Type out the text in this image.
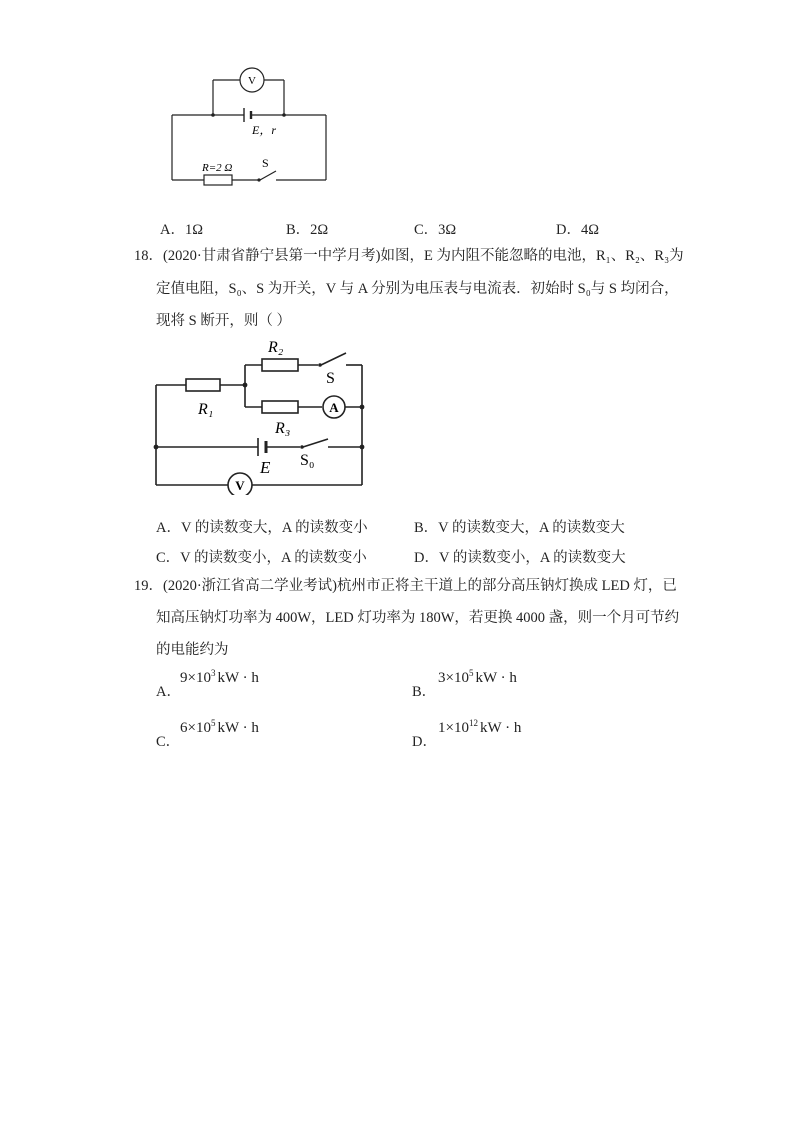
V
E，r
R=2 Ω S
A．1Ω	B．2Ω	C．3Ω	D．4Ω
18．(2020·甘肃省静宁县第一中学月考)如图，E 为内阻不能忽略的电池，R₁、R₂、R₃为
定值电阻，S₀、S 为开关，V 与 A 分别为电压表与电流表．初始时 S₀与 S 均闭合，
现将 S 断开，则（ ）
R₂
S
R₁	A
R₃
E S₀
V
A．V 的读数变大，A 的读数变小	B．V 的读数变大，A 的读数变大
C．V 的读数变小，A 的读数变小	D．V 的读数变小，A 的读数变大
19．(2020·浙江省高二学业考试)杭州市正将主干道上的部分高压钠灯换成 LED 灯，已
知高压钠灯功率为 400W，LED 灯功率为 180W，若更换 4000 盏，则一个月可节约
的电能约为
A．
$9\times 10^3$ kW · h
B．
$3\times 10^5$ kW · h
C．
$6\times 10^5$ kW · h
D．
$1\times 10^{12}$ kW · h
